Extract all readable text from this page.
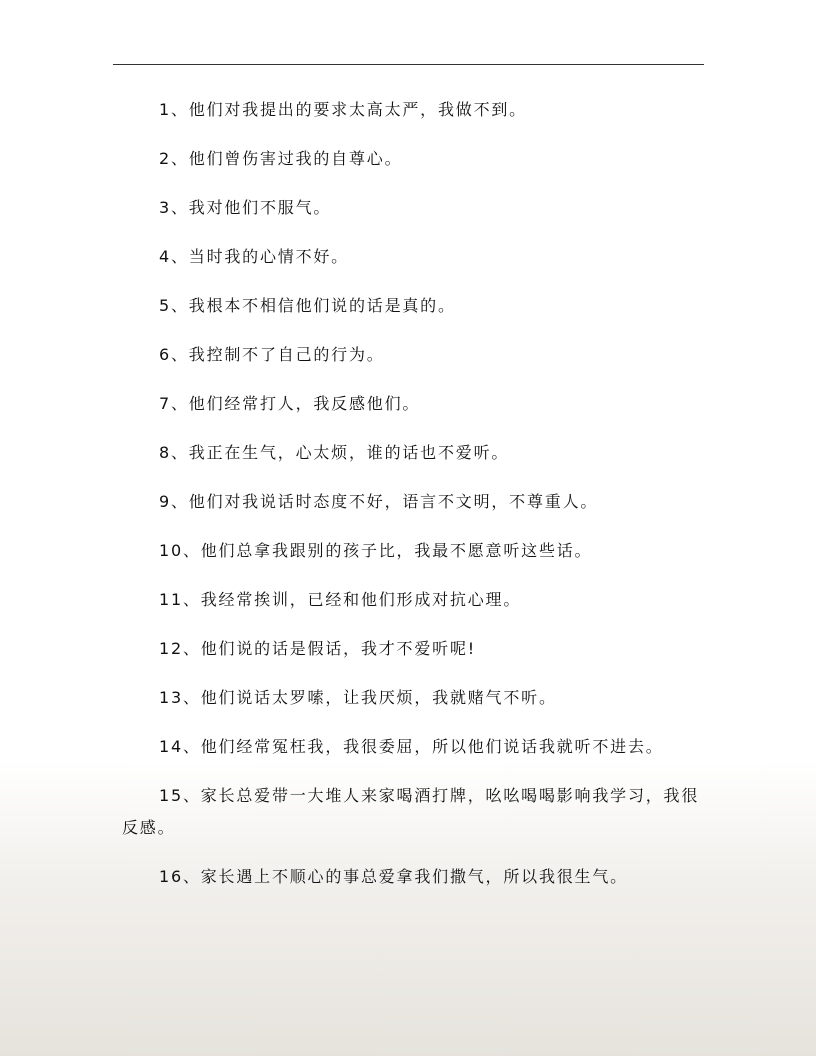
1、他们对我提出的要求太高太严，我做不到。

2、他们曾伤害过我的自尊心。

3、我对他们不服气。

4、当时我的心情不好。

5、我根本不相信他们说的话是真的。

6、我控制不了自己的行为。

7、他们经常打人，我反感他们。

8、我正在生气，心太烦，谁的话也不爱听。

9、他们对我说话时态度不好，语言不文明，不尊重人。

10、他们总拿我跟别的孩子比，我最不愿意听这些话。

11、我经常挨训，已经和他们形成对抗心理。

12、他们说的话是假话，我才不爱听呢!

13、他们说话太罗嗦，让我厌烦，我就赌气不听。

14、他们经常冤枉我，我很委屈，所以他们说话我就听不进去。

15、家长总爱带一大堆人来家喝酒打牌，吆吆喝喝影响我学习，我很反感。

16、家长遇上不顺心的事总爱拿我们撒气，所以我很生气。
